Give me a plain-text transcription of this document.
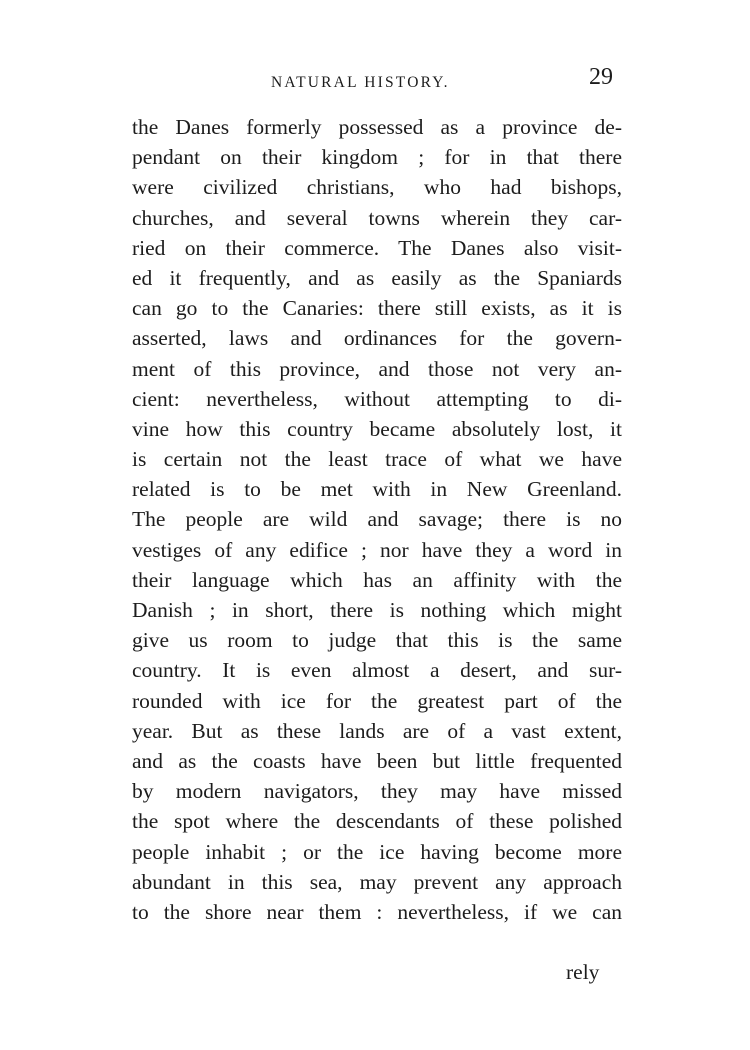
NATURAL HISTORY.	29
the Danes formerly possessed as a province de-
pendant on their kingdom ; for in that there
were civilized christians, who had bishops,
churches, and several towns wherein they car-
ried on their commerce. The Danes also visit-
ed it frequently, and as easily as the Spaniards
can go to the Canaries: there still exists, as it is
asserted, laws and ordinances for the govern-
ment of this province, and those not very an-
cient: nevertheless, without attempting to di-
vine how this country became absolutely lost, it
is certain not the least trace of what we have
related is to be met with in New Greenland.
The people are wild and savage; there is no
vestiges of any edifice ; nor have they a word in
their language which has an affinity with the
Danish ; in short, there is nothing which might
give us room to judge that this is the same
country. It is even almost a desert, and sur-
rounded with ice for the greatest part of the
year. But as these lands are of a vast extent,
and as the coasts have been but little frequented
by modern navigators, they may have missed
the spot where the descendants of these polished
people inhabit ; or the ice having become more
abundant in this sea, may prevent any approach
to the shore near them : nevertheless, if we can
rely
